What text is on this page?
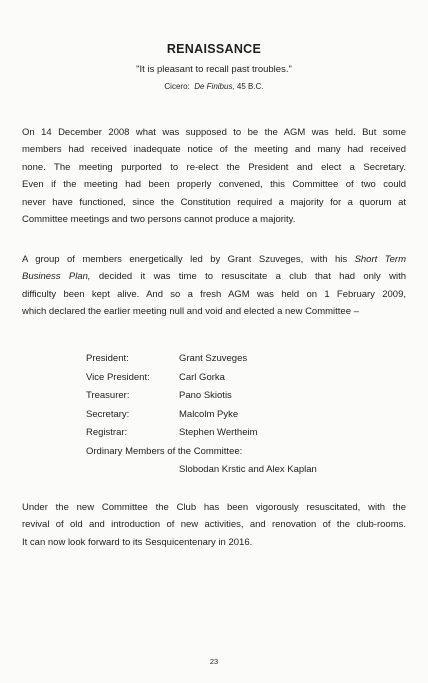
RENAISSANCE
"It is pleasant to recall past troubles."
Cicero: De Finibus, 45 B.C.
On 14 December 2008 what was supposed to be the AGM was held. But some
members had received inadequate notice of the meeting and many had received
none. The meeting purported to re-elect the President and elect a Secretary.
Even if the meeting had been properly convened, this Committee of two could
never have functioned, since the Constitution required a majority for a quorum at
Committee meetings and two persons cannot produce a majority.
A group of members energetically led by Grant Szuveges, with his Short Term
Business Plan, decided it was time to resuscitate a club that had only with
difficulty been kept alive. And so a fresh AGM was held on 1 February 2009,
which declared the earlier meeting null and void and elected a new Committee –
President:	Grant Szuveges
Vice President:	Carl Gorka
Treasurer:	Pano Skiotis
Secretary:	Malcolm Pyke
Registrar:	Stephen Wertheim
Ordinary Members of the Committee:
Slobodan Krstic and Alex Kaplan
Under the new Committee the Club has been vigorously resuscitated, with the
revival of old and introduction of new activities, and renovation of the club-rooms.
It can now look forward to its Sesquicentenary in 2016.
23
